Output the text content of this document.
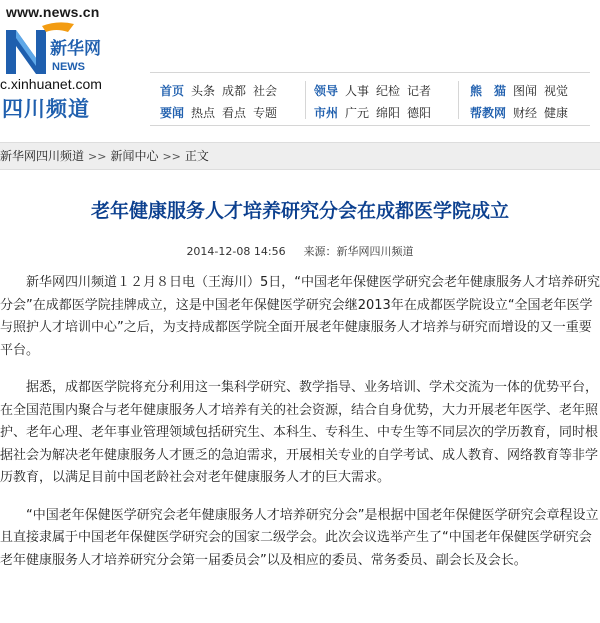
www.news.cn
新华网
NEWS
c.xinhuanet.com
四川频道
首页 头条 成都 社会
要闻 热点 看点 专题
领导 人事 纪检 记者
市州 广元 绵阳 德阳
熊　猫 图闻 视觉
帮教网 财经 健康
新华网四川频道 >> 新闻中心 >> 正文
老年健康服务人才培养研究分会在成都医学院成立
2014-12-08 14:56 来源：新华网四川频道

新华网四川频道１２月８日电（王海川）5日，“中国老年保健医学研究会老年健康服务人才培养研究分会”在成都医学院挂牌成立，这是中国老年保健医学研究会继2013年在成都医学院设立“全国老年医学与照护人才培训中心”之后，为支持成都医学院全面开展老年健康服务人才培养与研究而增设的又一重要平台。

据悉，成都医学院将充分利用这一集科学研究、教学指导、业务培训、学术交流为一体的优势平台，在全国范围内聚合与老年健康服务人才培养有关的社会资源，结合自身优势，大力开展老年医学、老年照护、老年心理、老年事业管理领域包括研究生、本科生、专科生、中专生等不同层次的学历教育，同时根据社会为解决老年健康服务人才匮乏的急迫需求，开展相关专业的自学考试、成人教育、网络教育等非学历教育，以满足目前中国老龄社会对老年健康服务人才的巨大需求。

“中国老年保健医学研究会老年健康服务人才培养研究分会”是根据中国老年保健医学研究会章程设立且直接隶属于中国老年保健医学研究会的国家二级学会。此次会议选举产生了“中国老年保健医学研究会老年健康服务人才培养研究分会第一届委员会”以及相应的委员、常务委员、副会长及会长。
